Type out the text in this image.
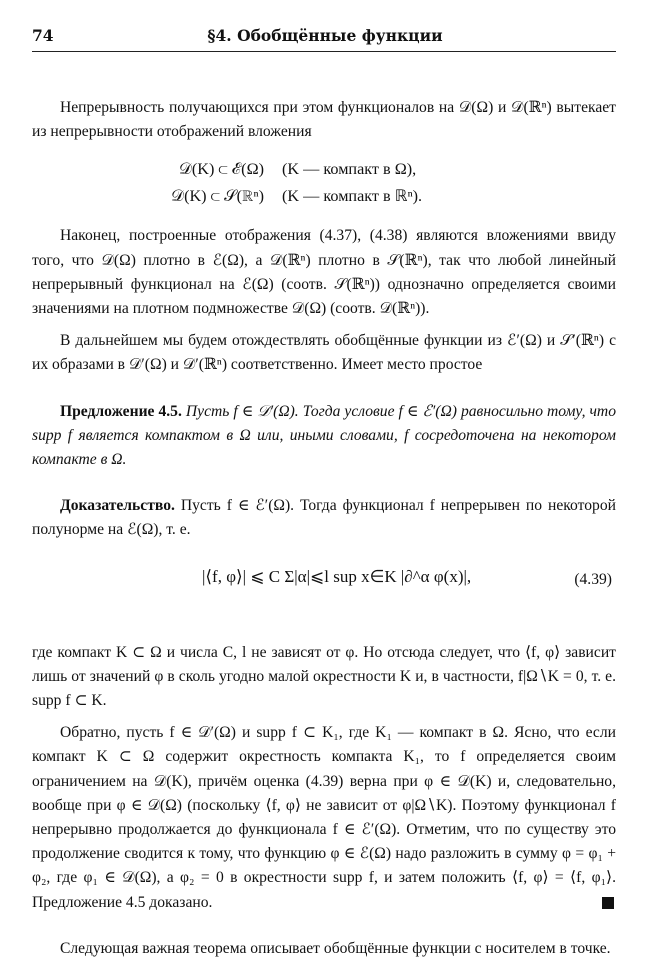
74	§4. Обобщённые функции

Непрерывность получающихся при этом функционалов на 𝒟(Ω) и 𝒟(ℝⁿ) вытекает из непрерывности отображений вложения

𝒟(K) ⊂ ℰ(Ω)	(K — компакт в Ω),
𝒟(K) ⊂ 𝒮(ℝⁿ)	(K — компакт в ℝⁿ).

Наконец, построенные отображения (4.37), (4.38) являются вложениями ввиду того, что 𝒟(Ω) плотно в ℰ(Ω), а 𝒟(ℝⁿ) плотно в 𝒮(ℝⁿ), так что любой линейный непрерывный функционал на ℰ(Ω) (соотв. 𝒮(ℝⁿ)) однозначно определяется своими значениями на плотном подмножестве 𝒟(Ω) (соотв. 𝒟(ℝⁿ)).

В дальнейшем мы будем отождествлять обобщённые функции из ℰ′(Ω) и 𝒮′(ℝⁿ) с их образами в 𝒟′(Ω) и 𝒟′(ℝⁿ) соответственно. Имеет место простое

Предложение 4.5. Пусть f ∈ 𝒟′(Ω). Тогда условие f ∈ ℰ′(Ω) равносильно тому, что supp f является компактом в Ω или, иными словами, f сосредоточена на некотором компакте в Ω.

Доказательство. Пусть f ∈ ℰ′(Ω). Тогда функционал f непрерывен по некоторой полунорме на ℰ(Ω), т. е.

|⟨f, φ⟩| ⩽ C Σ|α|⩽l sup x∈K |∂^α φ(x)|,	(4.39)

где компакт K ⊂ Ω и числа C, l не зависят от φ. Но отсюда следует, что ⟨f, φ⟩ зависит лишь от значений φ в сколь угодно малой окрестности K и, в частности, f|Ω∖K = 0, т. е. supp f ⊂ K.

Обратно, пусть f ∈ 𝒟′(Ω) и supp f ⊂ K₁, где K₁ — компакт в Ω. Ясно, что если компакт K ⊂ Ω содержит окрестность компакта K₁, то f определяется своим ограничением на 𝒟(K), причём оценка (4.39) верна при φ ∈ 𝒟(K) и, следовательно, вообще при φ ∈ 𝒟(Ω) (поскольку ⟨f, φ⟩ не зависит от φ|Ω∖K). Поэтому функционал f непрерывно продолжается до функционала f ∈ ℰ′(Ω). Отметим, что по существу это продолжение сводится к тому, что функцию φ ∈ ℰ(Ω) надо разложить в сумму φ = φ₁ + φ₂, где φ₁ ∈ 𝒟(Ω), а φ₂ = 0 в окрестности supp f, и затем положить ⟨f, φ⟩ = ⟨f, φ₁⟩. Предложение 4.5 доказано.

Следующая важная теорема описывает обобщённые функции с носителем в точке.
